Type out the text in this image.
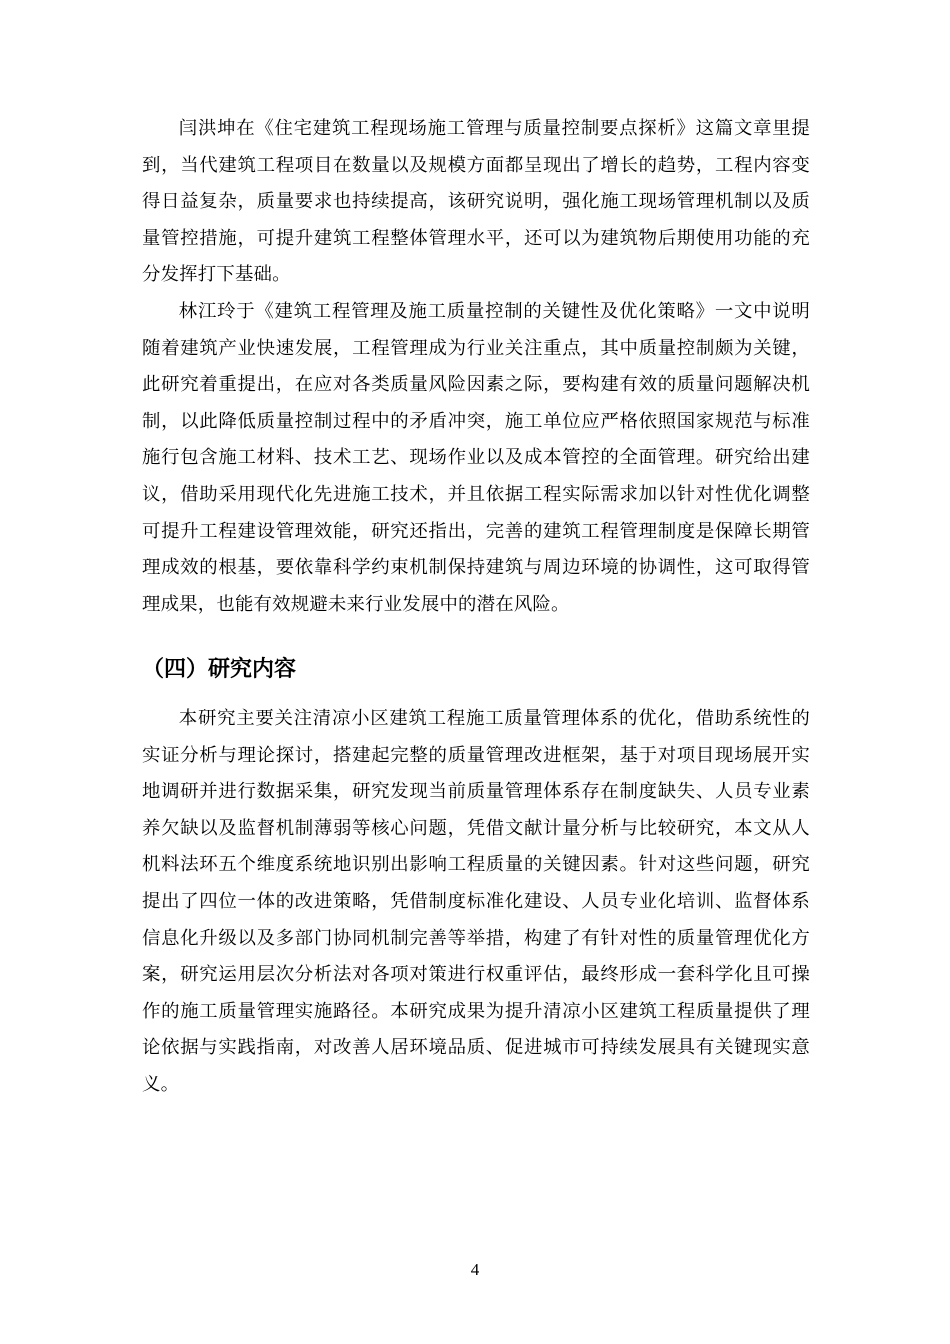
闫洪坤在《住宅建筑工程现场施工管理与质量控制要点探析》这篇文章里提到，当代建筑工程项目在数量以及规模方面都呈现出了增长的趋势，工程内容变得日益复杂，质量要求也持续提高，该研究说明，强化施工现场管理机制以及质量管控措施，可提升建筑工程整体管理水平，还可以为建筑物后期使用功能的充分发挥打下基础。

林江玲于《建筑工程管理及施工质量控制的关键性及优化策略》一文中说明随着建筑产业快速发展，工程管理成为行业关注重点，其中质量控制颇为关键，此研究着重提出，在应对各类质量风险因素之际，要构建有效的质量问题解决机制，以此降低质量控制过程中的矛盾冲突，施工单位应严格依照国家规范与标准施行包含施工材料、技术工艺、现场作业以及成本管控的全面管理。研究给出建议，借助采用现代化先进施工技术，并且依据工程实际需求加以针对性优化调整可提升工程建设管理效能，研究还指出，完善的建筑工程管理制度是保障长期管理成效的根基，要依靠科学约束机制保持建筑与周边环境的协调性，这可取得管理成果，也能有效规避未来行业发展中的潜在风险。

（四）研究内容

本研究主要关注清凉小区建筑工程施工质量管理体系的优化，借助系统性的实证分析与理论探讨，搭建起完整的质量管理改进框架，基于对项目现场展开实地调研并进行数据采集，研究发现当前质量管理体系存在制度缺失、人员专业素养欠缺以及监督机制薄弱等核心问题，凭借文献计量分析与比较研究，本文从人机料法环五个维度系统地识别出影响工程质量的关键因素。针对这些问题，研究提出了四位一体的改进策略，凭借制度标准化建设、人员专业化培训、监督体系信息化升级以及多部门协同机制完善等举措，构建了有针对性的质量管理优化方案，研究运用层次分析法对各项对策进行权重评估，最终形成一套科学化且可操作的施工质量管理实施路径。本研究成果为提升清凉小区建筑工程质量提供了理论依据与实践指南，对改善人居环境品质、促进城市可持续发展具有关键现实意义。

4
